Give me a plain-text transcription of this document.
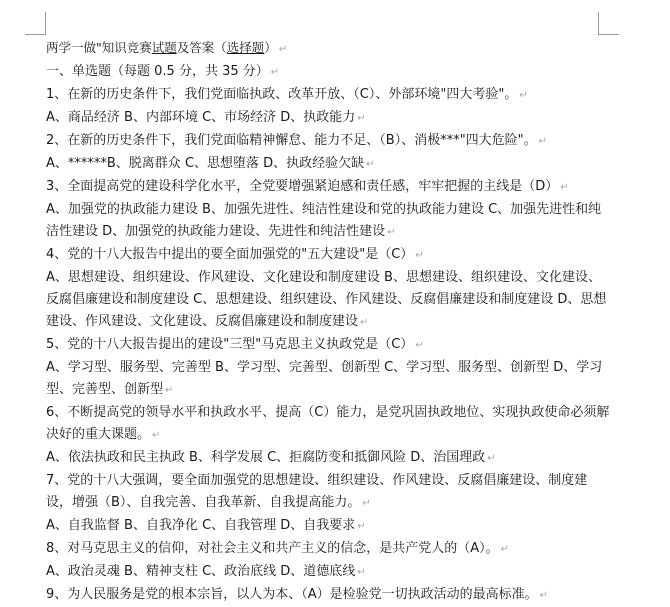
两学一做"知识竞赛试题及答案（选择题） ↵

一、单选题（每题 0.5 分，共 35 分） ↵

1、在新的历史条件下，我们党面临执政、改革开放、（C）、外部环境"四大考验"。 ↵

A、商品经济 B、内部环境 C、市场经济 D、执政能力 ↵

2、在新的历史条件下，我们党面临精神懈怠、能力不足、（B）、消极***"四大危险"。 ↵

A、******B、脱离群众 C、思想堕落 D、执政经验欠缺 ↵

3、全面提高党的建设科学化水平，全党要增强紧迫感和责任感，牢牢把握的主线是（D） ↵

A、加强党的执政能力建设 B、加强先进性、纯洁性建设和党的执政能力建设 C、加强先进性和纯洁性建设 D、加强党的执政能力建设、先进性和纯洁性建设 ↵

4、党的十八大报告中提出的要全面加强党的"五大建设"是（C） ↵

A、思想建设、组织建设、作风建设、文化建设和制度建设 B、思想建设、组织建设、文化建设、反腐倡廉建设和制度建设 C、思想建设、组织建设、作风建设、反腐倡廉建设和制度建设 D、思想建设、作风建设、文化建设、反腐倡廉建设和制度建设 ↵

5、党的十八大报告提出的建设"三型"马克思主义执政党是（C） ↵

A、学习型、服务型、完善型 B、学习型、完善型、创新型 C、学习型、服务型、创新型 D、学习型、完善型、创新型 ↵

6、不断提高党的领导水平和执政水平、提高（C）能力，是党巩固执政地位、实现执政使命必须解决好的重大课题。 ↵

A、依法执政和民主执政 B、科学发展 C、拒腐防变和抵御风险 D、治国理政 ↵

7、党的十八大强调，要全面加强党的思想建设、组织建设、作风建设、反腐倡廉建设、制度建设，增强（B）、自我完善、自我革新、自我提高能力。 ↵

A、自我监督 B、自我净化 C、自我管理 D、自我要求 ↵

8、对马克思主义的信仰，对社会主义和共产主义的信念，是共产党人的（A）。 ↵

A、政治灵魂 B、精神支柱 C、政治底线 D、道德底线 ↵

9、为人民服务是党的根本宗旨，以人为本、（A）是检验党一切执政活动的最高标准。 ↵
